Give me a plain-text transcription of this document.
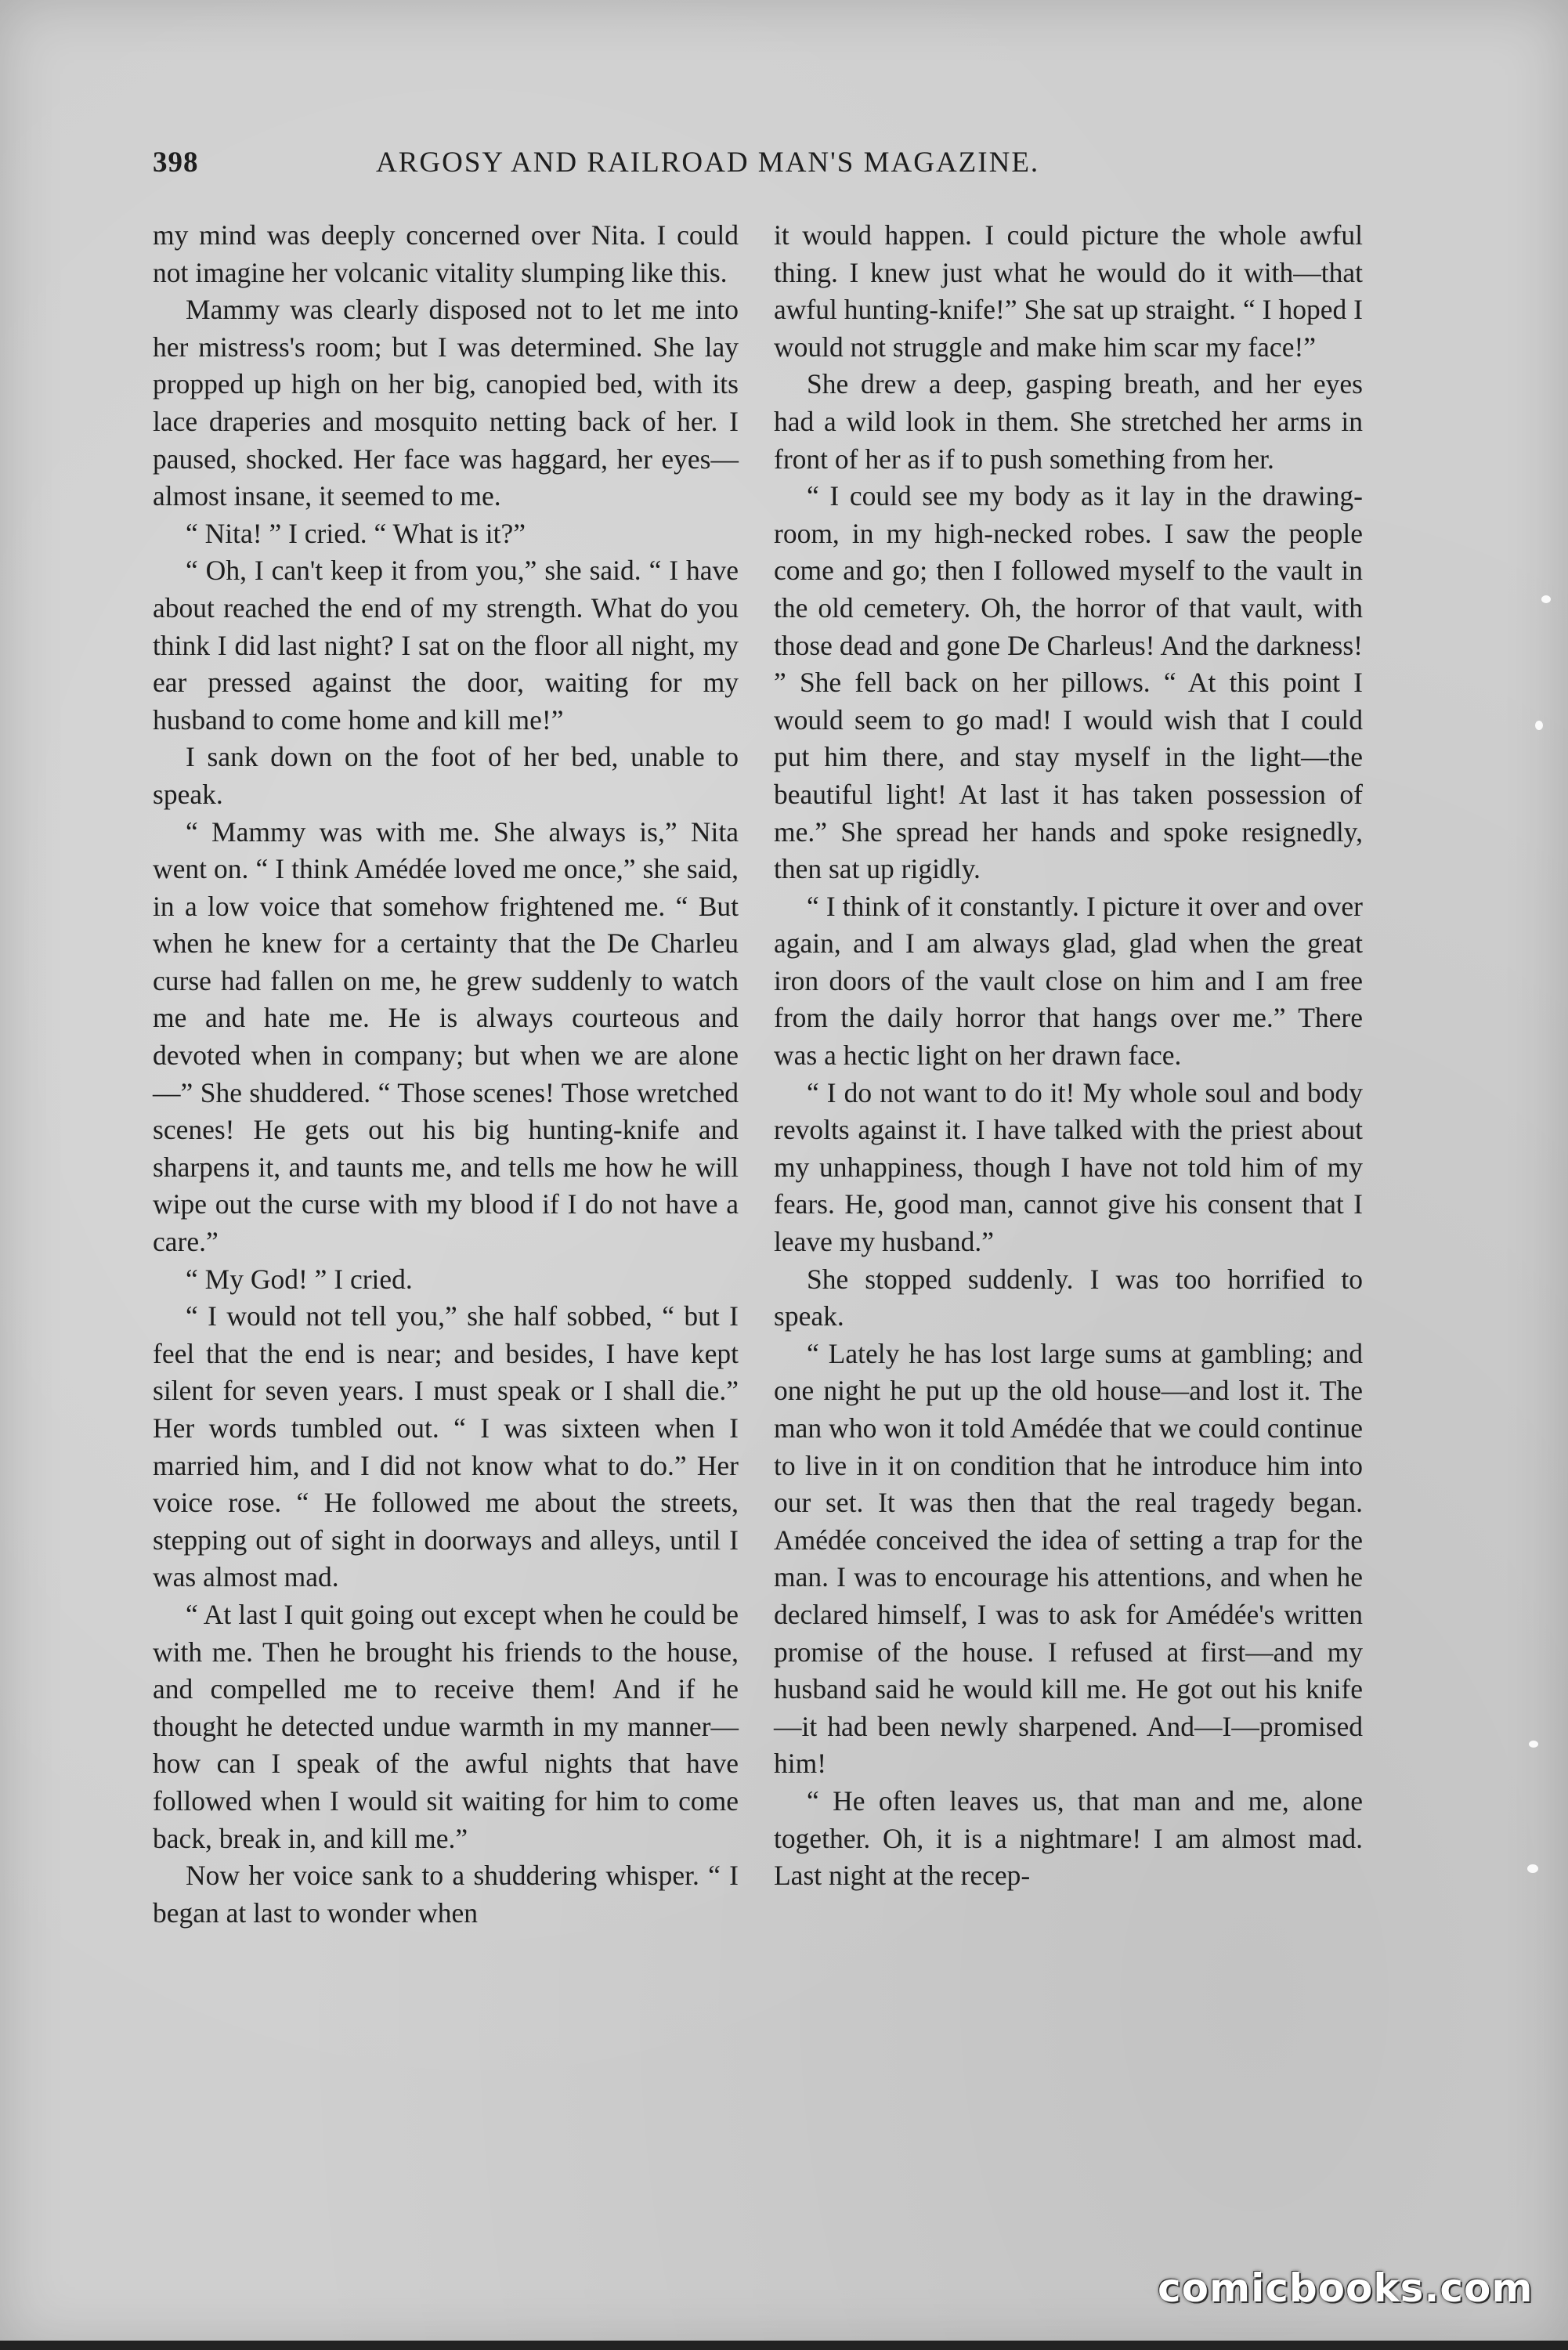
398	ARGOSY AND RAILROAD MAN'S MAGAZINE.

my mind was deeply concerned over Nita. I could not imagine her volcanic vitality slumping like this.

Mammy was clearly disposed not to let me into her mistress's room; but I was determined. She lay propped up high on her big, canopied bed, with its lace draperies and mosquito netting back of her. I paused, shocked. Her face was haggard, her eyes—almost insane, it seemed to me.

“ Nita! ” I cried. “ What is it?”

“ Oh, I can't keep it from you,” she said. “ I have about reached the end of my strength. What do you think I did last night? I sat on the floor all night, my ear pressed against the door, waiting for my husband to come home and kill me!”

I sank down on the foot of her bed, unable to speak.

“ Mammy was with me. She always is,” Nita went on. “ I think Amédée loved me once,” she said, in a low voice that somehow frightened me. “ But when he knew for a certainty that the De Charleu curse had fallen on me, he grew suddenly to watch me and hate me. He is always courteous and devoted when in company; but when we are alone—” She shuddered. “ Those scenes! Those wretched scenes! He gets out his big hunting-knife and sharpens it, and taunts me, and tells me how he will wipe out the curse with my blood if I do not have a care.”

“ My God! ” I cried.

“ I would not tell you,” she half sobbed, “ but I feel that the end is near; and besides, I have kept silent for seven years. I must speak or I shall die.” Her words tumbled out. “ I was sixteen when I married him, and I did not know what to do.” Her voice rose. “ He followed me about the streets, stepping out of sight in doorways and alleys, until I was almost mad.

“ At last I quit going out except when he could be with me. Then he brought his friends to the house, and compelled me to receive them! And if he thought he detected undue warmth in my manner—how can I speak of the awful nights that have followed when I would sit waiting for him to come back, break in, and kill me.”

Now her voice sank to a shuddering whisper. “ I began at last to wonder when

it would happen. I could picture the whole awful thing. I knew just what he would do it with—that awful hunting-knife!” She sat up straight. “ I hoped I would not struggle and make him scar my face!”

She drew a deep, gasping breath, and her eyes had a wild look in them. She stretched her arms in front of her as if to push something from her.

“ I could see my body as it lay in the drawing-room, in my high-necked robes. I saw the people come and go; then I followed myself to the vault in the old cemetery. Oh, the horror of that vault, with those dead and gone De Charleus! And the darkness! ” She fell back on her pillows. “ At this point I would seem to go mad! I would wish that I could put him there, and stay myself in the light—the beautiful light! At last it has taken possession of me.” She spread her hands and spoke resignedly, then sat up rigidly.

“ I think of it constantly. I picture it over and over again, and I am always glad, glad when the great iron doors of the vault close on him and I am free from the daily horror that hangs over me.” There was a hectic light on her drawn face.

“ I do not want to do it! My whole soul and body revolts against it. I have talked with the priest about my unhappiness, though I have not told him of my fears. He, good man, cannot give his consent that I leave my husband.”

She stopped suddenly. I was too horrified to speak.

“ Lately he has lost large sums at gambling; and one night he put up the old house—and lost it. The man who won it told Amédée that we could continue to live in it on condition that he introduce him into our set. It was then that the real tragedy began. Amédée conceived the idea of setting a trap for the man. I was to encourage his attentions, and when he declared himself, I was to ask for Amédée's written promise of the house. I refused at first—and my husband said he would kill me. He got out his knife—it had been newly sharpened. And—I—promised him!

“ He often leaves us, that man and me, alone together. Oh, it is a nightmare! I am almost mad. Last night at the recep-

comicbooks.com
